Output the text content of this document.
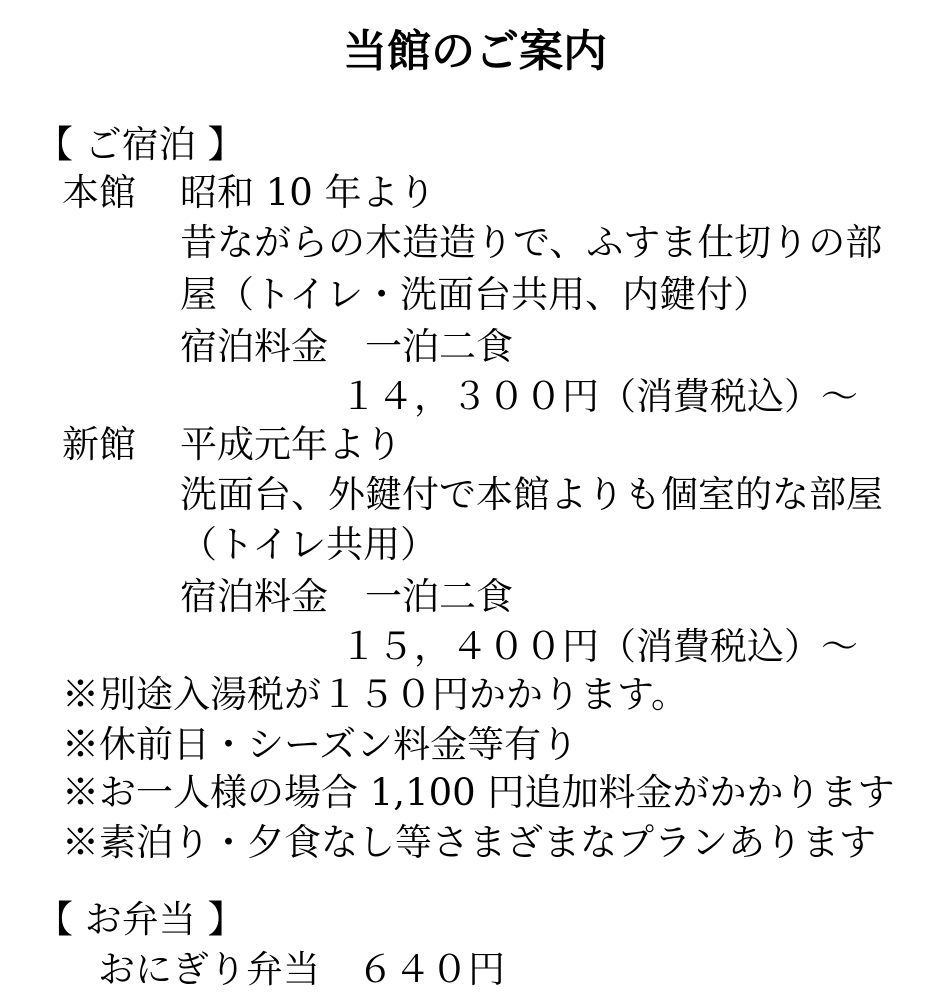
当館のご案内
【 ご宿泊 】
本館 昭和 10 年より
昔ながらの木造造りで、ふすま仕切りの部
屋（トイレ・洗面台共用、内鍵付）
宿泊料金　一泊二食
１４，３００円（消費税込）～
新館 平成元年より
洗面台、外鍵付で本館よりも個室的な部屋
（トイレ共用）
宿泊料金　一泊二食
１５，４００円（消費税込）～
※別途入湯税が１５０円かかります。
※休前日・シーズン料金等有り
※お一人様の場合 1,100 円追加料金がかかります
※素泊り・夕食なし等さまざまなプランあります
【 お弁当 】
おにぎり弁当　６４０円
